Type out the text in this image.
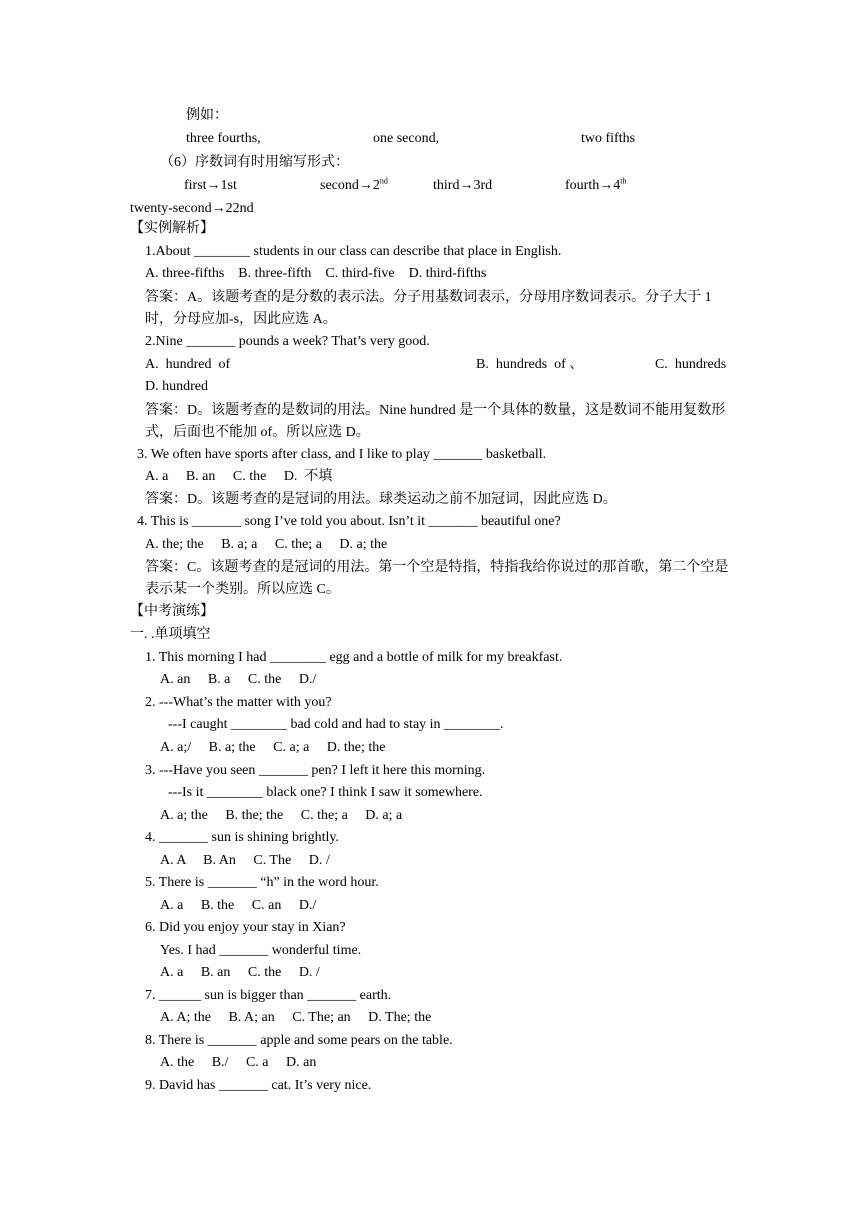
例如：
three fourths,	one second,	two fifths
（6）序数词有时用缩写形式：
first→1st	second→2nd	third→3rd	fourth→4th
twenty-second→22nd
【实例解析】
1.About ________ students in our class can describe that place in English.
A. three-fifths    B. three-fifth    C. third-five    D. third-fifths
答案：A。该题考查的是分数的表示法。分子用基数词表示，分母用序数词表示。分子大于 1 时，分母应加-s，因此应选 A。
2.Nine _______ pounds a week? That’s very good.
A.  hundred  of	B.  hundreds  of 、	C.  hundreds
D. hundred
答案：D。该题考查的是数词的用法。Nine hundred 是一个具体的数量，这是数词不能用复数形式，后面也不能加 of。所以应选 D。
3. We often have sports after class, and I like to play _______ basketball.
A. a     B. an     C. the     D.  不填
答案：D。该题考查的是冠词的用法。球类运动之前不加冠词，因此应选 D。
4. This is _______ song I’ve told you about. Isn’t it _______ beautiful one?
A. the; the     B. a; a     C. the; a     D. a; the
答案：C。该题考查的是冠词的用法。第一个空是特指，特指我给你说过的那首歌，第二个空是表示某一个类别。所以应选 C。
【中考演练】
一. .单项填空
1. This morning I had ________ egg and a bottle of milk for my breakfast.
A. an     B. a     C. the     D./
2. ---What’s the matter with you?
---I caught ________ bad cold and had to stay in ________.
A. a;/     B. a; the     C. a; a     D. the; the
3. ---Have you seen _______ pen? I left it here this morning.
---Is it ________ black one? I think I saw it somewhere.
A. a; the     B. the; the     C. the; a     D. a; a
4. _______ sun is shining brightly.
A. A     B. An     C. The     D. /
5. There is _______ “h” in the word hour.
A. a     B. the     C. an     D./
6. Did you enjoy your stay in Xian?
Yes. I had _______ wonderful time.
A. a     B. an     C. the     D. /
7. ______ sun is bigger than _______ earth.
A. A; the     B. A; an     C. The; an     D. The; the
8. There is _______ apple and some pears on the table.
A. the     B./     C. a     D. an
9. David has _______ cat. It’s very nice.
